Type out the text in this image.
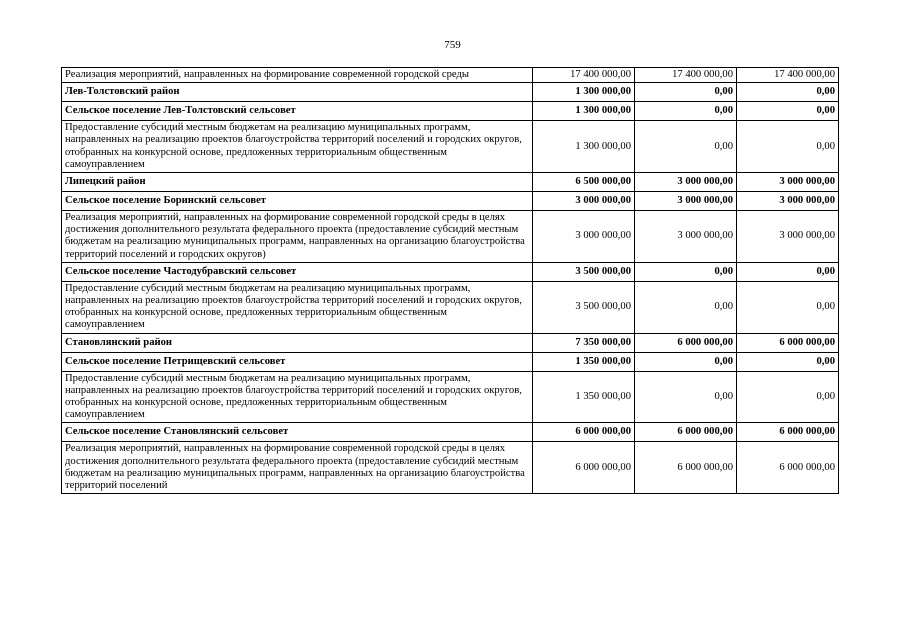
759
Реализация мероприятий, направленных на формирование современной городской среды	17 400 000,00	17 400 000,00	17 400 000,00
Лев-Толстовский район	1 300 000,00	0,00	0,00
Сельское поселение Лев-Толстовский сельсовет	1 300 000,00	0,00	0,00
Предоставление субсидий местным бюджетам на реализацию муниципальных программ, направленных на реализацию проектов благоустройства территорий поселений и городских округов, отобранных на конкурсной основе, предложенных территориальным общественным самоуправлением	1 300 000,00	0,00	0,00
Липецкий район	6 500 000,00	3 000 000,00	3 000 000,00
Сельское поселение Боринский сельсовет	3 000 000,00	3 000 000,00	3 000 000,00
Реализация мероприятий, направленных на формирование современной городской среды в целях достижения дополнительного результата федерального проекта (предоставление субсидий местным бюджетам на реализацию муниципальных программ, направленных на организацию благоустройства территорий поселений и городских округов)	3 000 000,00	3 000 000,00	3 000 000,00
Сельское поселение Частодубравский сельсовет	3 500 000,00	0,00	0,00
Предоставление субсидий местным бюджетам на реализацию муниципальных программ, направленных на реализацию проектов благоустройства территорий поселений и городских округов, отобранных на конкурсной основе, предложенных территориальным общественным самоуправлением	3 500 000,00	0,00	0,00
Становлянский район	7 350 000,00	6 000 000,00	6 000 000,00
Сельское поселение Петрищевский сельсовет	1 350 000,00	0,00	0,00
Предоставление субсидий местным бюджетам на реализацию муниципальных программ, направленных на реализацию проектов благоустройства территорий поселений и городских округов, отобранных на конкурсной основе, предложенных территориальным общественным самоуправлением	1 350 000,00	0,00	0,00
Сельское поселение Становлянский сельсовет	6 000 000,00	6 000 000,00	6 000 000,00
Реализация мероприятий, направленных на формирование современной городской среды в целях достижения дополнительного результата федерального проекта (предоставление субсидий местным бюджетам на реализацию муниципальных программ, направленных на организацию благоустройства территорий поселений	6 000 000,00	6 000 000,00	6 000 000,00
